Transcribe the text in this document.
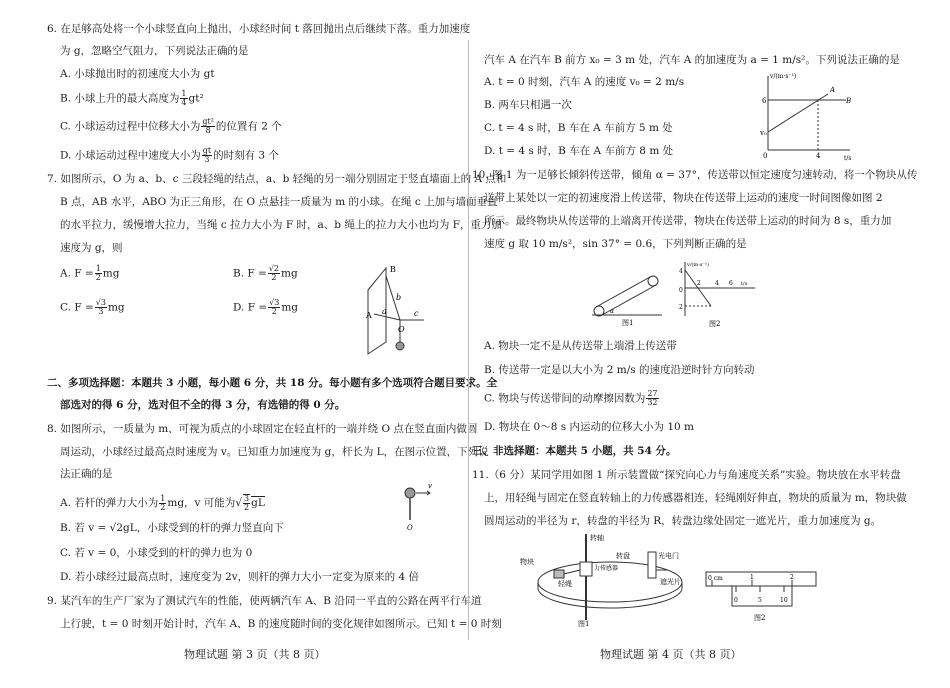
6. 在足够高处将一个小球竖直向上抛出，小球经时间 t 落回抛出点后继续下落。重力加速度
为 g，忽略空气阻力，下列说法正确的是
A. 小球抛出时的初速度大小为 gt
B. 小球上升的最大高度为 $\frac{1}{4} gt^2$
C. 小球运动过程中位移大小为 $\frac{\text{gt²}}{8}$ 的位置有 2 个
D. 小球运动过程中速度大小为 $\frac{gt}{3}$ 的时刻有 3 个
7. 如图所示，O 为 a、b、c 三段轻绳的结点，a、b 轻绳的另一端分别固定于竖直墙面上的 A 点和
B 点，AB 水平，ABO 为正三角形，在 O 点悬挂一质量为 m 的小球。在绳 c 上加与墙面垂直
的水平拉力，缓慢增大拉力，当绳 c 拉力大小为 F 时，a、b 绳上的拉力大小也均为 F，重力加
速度为 g，则
A. $F = \frac{1}{2}$ mg	B. $F = \frac{√2}{2}$ mg
C. $F = \frac{√3}{3}$ mg	D. $F = \frac{√3}{2}$ mg
B
A
b
a
O
c
二、多项选择题：本题共 3 小题，每小题 6 分，共 18 分。每小题有多个选项符合题目要求。全
部选对的得 6 分，选对但不全的得 3 分，有选错的得 0 分。
8. 如图所示，一质量为 m、可视为质点的小球固定在轻直杆的一端并绕 O 点在竖直面内做圆
周运动，小球经过最高点时速度为 v。已知重力加速度为 g，杆长为 L，在图示位置，下列说
法正确的是
A. 若杆的弹力大小为 $\frac{1}{2}$ mg，v 可能为√ $\frac{3}{2}$ gL
B. 若 v = √2gL，小球受到的杆的弹力竖直向下
C. 若 v = 0，小球受到的杆的弹力也为 0
D. 若小球经过最高点时，速度变为 2v，则杆的弹力大小一定变为原来的 4 倍
v
O
9. 某汽车的生产厂家为了测试汽车的性能，使两辆汽车 A、B 沿同一平直的公路在两平行车道
上行驶，t = 0 时刻开始计时，汽车 A、B 的速度随时间的变化规律如图所示。已知 t = 0 时刻
物理试题 第 3 页（共 8 页）
汽车 A 在汽车 B 前方 x₀ = 3 m 处，汽车 A 的加速度为 a = 1 m/s²。下列说法正确的是
A. t = 0 时刻，汽车 A 的速度 v₀ = 2 m/s
B. 两车只相遇一次
C. t = 4 s 时，B 车在 A 车前方 5 m 处
D. t = 4 s 时，B 车在 A 车前方 8 m 处
v/(m·s⁻¹)
6
v₀
4	t/s
0
A
B
10. 图 1 为一足够长倾斜传送带，倾角 α = 37°，传送带以恒定速度匀速转动，将一个物块从传
送带上某处以一定的初速度滑上传送带，物块在传送带上运动的速度一时间图像如图 2
所示。最终物块从传送带的上端离开传送带，物块在传送带上运动的时间为 8 s，重力加
速度 g 取 10 m/s²，sin 37° = 0.6，下列判断正确的是
α
图1
v/(m·s⁻¹)
4
2
2 4 6 t/s
0
图2
A. 物块一定不是从传送带上端滑上传送带
B. 传送带一定是以大小为 2 m/s 的速度沿逆时针方向转动
C. 物块与传送带间的动摩擦因数为 $\frac{27}{32}$
D. 物块在 0～8 s 内运动的位移大小为 10 m
三、非选择题：本题共 5 小题，共 54 分。
11.（6 分）某同学用如图 1 所示装置做“探究向心力与角速度关系”实验。物块放在水平转盘
上，用轻绳与固定在竖直转轴上的力传感器相连，轻绳刚好伸直，物块的质量为 m，物块做
圆周运动的半径为 r，转盘的半径为 R，转盘边缘处固定一遮光片，重力加速度为 g。
转轴
转盘	光电门
物块
轻绳
力传感器
遮光片
图1
0 cm	1	2
0	5	10
图2
物理试题 第 4 页（共 8 页）
